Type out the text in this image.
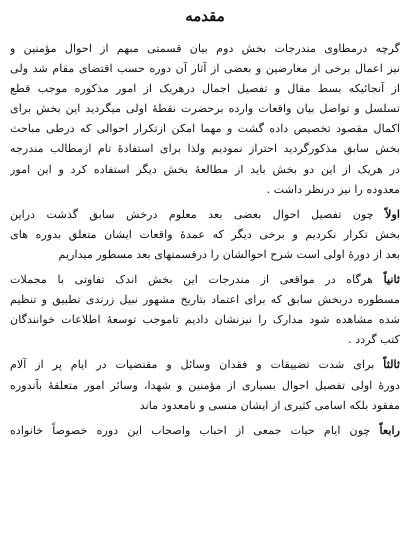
مقدمه
گرچه درمطاوی مندرجات بخش دوم بیان قسمتی مبهم از احوال مؤمنین و
نیز اعمال برخی از معارضین و بعضی از آثار آن دوره حسب اقتضای مقام شد ولی
از آنجائیکه بسط مقال و تفصیل اجمال درهریک از امور مذکوره موجب قطع
تسلسل و تواصل بیان واقعات وارده برحضرت نقطهٔ اولی میگردید این بخش برای
اکمال مقصود تخصیص داده گشت و مهما امکن ازتکرار احوالی که درطی مباحث
بخش سابق مذکورگردید احتراز نمودیم ولذا برای استفادهٔ تام ازمطالب مندرجه
در هریک از این دو بخش باید از مطالعهٔ بخش دیگر استفاده کرد و این امور
معدوده را نیز درنظر داشت .
اولاً چون تفصیل احوال بعضی بعد معلوم درخش سابق گذشت دراین
بخش تکرار نکردیم و برخی دیگر که عمدهٔ واقعات ایشان متعلق بدوره های
بعد از دورهٔ اولی است شرح احوالشان را درقسمتهای بعد مسطور میداریم
ثانیاً هرگاه در مواقعی از مندرجات این بخش اندک تفاوتی با مجملات
مسطوره دربخش سابق که برای اعتماد بتاریخ مشهور نبیل زرندی تطبیق و تنظیم
شده مشاهده شود مدارک را نیزنشان دادیم تاموجب توسعهٔ اطلاعات خوانندگان
کتب گردد .
ثالثاً برای شدت تضییقات و فقدان وسائل و مقتضیات در ایام پر از آلام
دورهٔ اولی تفصیل احوال بسیاری از مؤمنین و شهدا، وسائر امور متعلقهٔ بآندوره
مفقود بلکه اسامی کثیری از ایشان منسی و نامعدود ماند
رابعاً چون ایام حیات جمعی از احباب واصحاب این دوره خصوصاً خانواده
